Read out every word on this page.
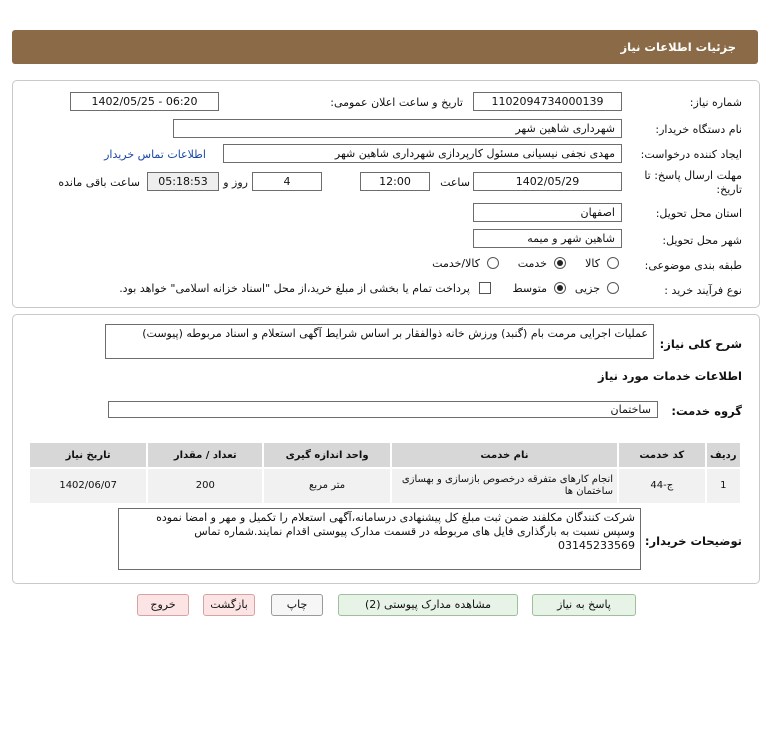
جزئیات اطلاعات نیاز
شماره نیاز:
1102094734000139
تاریخ و ساعت اعلان عمومی:
1402/05/25 - 06:20
نام دستگاه خریدار:
شهرداری شاهین شهر
ایجاد کننده درخواست:
مهدی نجفی نیسیانی مسئول کارپردازی شهرداری شاهین شهر
اطلاعات تماس خریدار
مهلت ارسال پاسخ: تا
تاریخ:
1402/05/29
ساعت
12:00
4
روز و
05:18:53
ساعت باقی مانده
استان محل تحویل:
اصفهان
شهر محل تحویل:
شاهین شهر و میمه
طبقه بندی موضوعی:
کالا
خدمت
کالا/خدمت
نوع فرآیند خرید :
جزیی
متوسط
پرداخت تمام یا بخشی از مبلغ خرید،از محل "اسناد خزانه اسلامی" خواهد بود.
شرح کلی نیاز:
عملیات اجرایی مرمت بام (گنبد) ورزش خانه ذوالفقار بر اساس شرایط آگهی استعلام و اسناد مربوطه (پیوست)
اطلاعات خدمات مورد نیاز
گروه خدمت:
ساختمان
ردیف	کد خدمت	نام خدمت	واحد اندازه گیری	تعداد / مقدار	تاریخ نیاز
1	ج-44	انجام کارهای متفرقه درخصوص بازسازی و بهسازی ساختمان ها	متر مربع	200	1402/06/07
توضیحات خریدار:
شرکت کنندگان مکلفند ضمن ثبت مبلغ کل پیشنهادی درسامانه،آگهی استعلام را تکمیل و مهر و امضا نموده وسپس نسبت به بارگذاری فایل های مربوطه در قسمت مدارک پیوستی اقدام نمایند.شماره تماس 03145233569
پاسخ به نیاز
مشاهده مدارک پیوستی (2)
چاپ
بازگشت
خروج
